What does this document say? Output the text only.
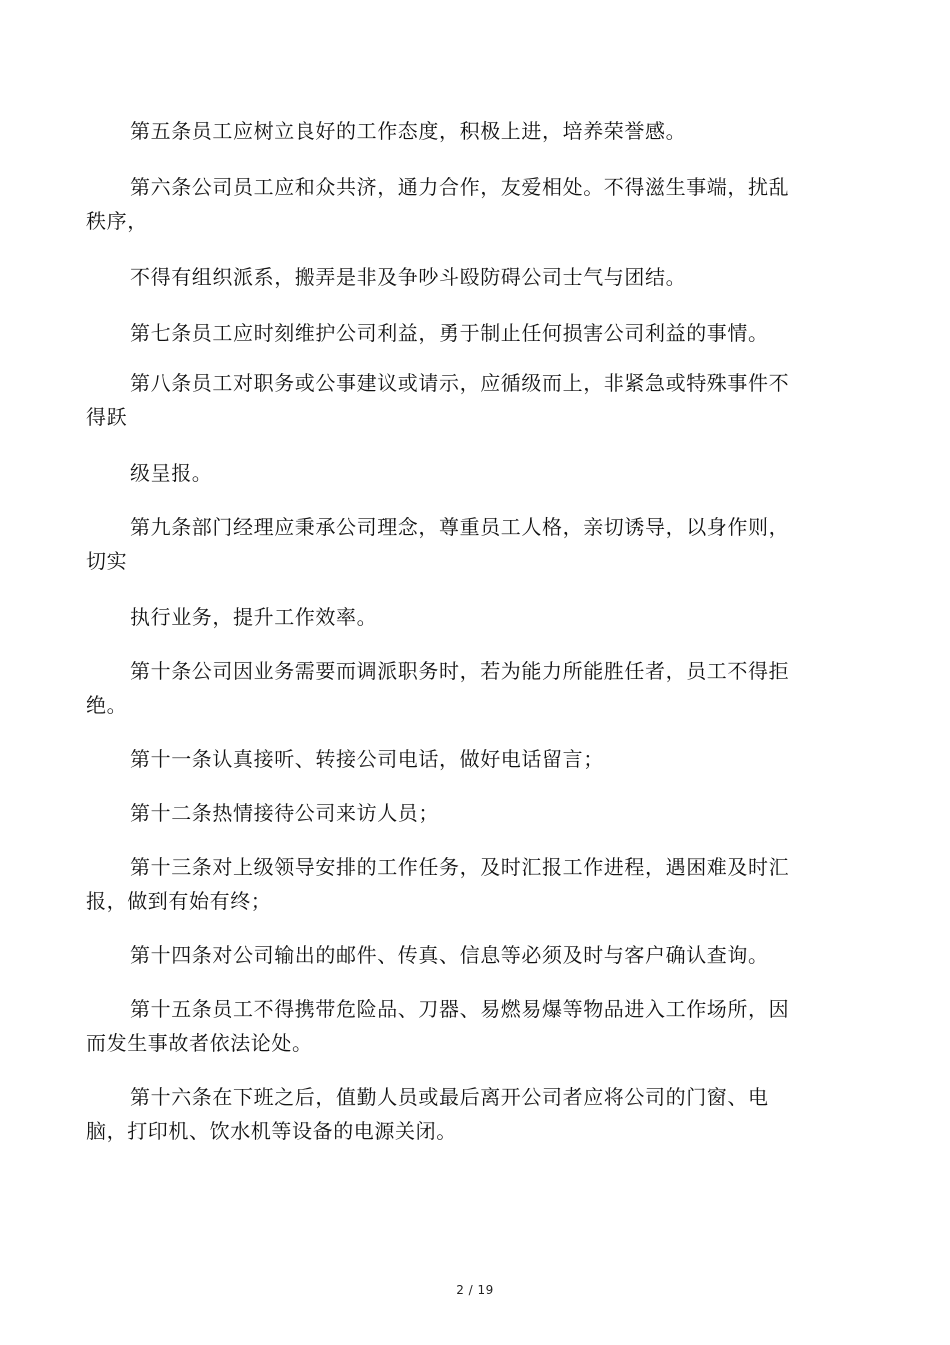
第五条员工应树立良好的工作态度，积极上进，培养荣誉感。
第六条公司员工应和众共济，通力合作，友爱相处。不得滋生事端，扰乱
秩序，
不得有组织派系，搬弄是非及争吵斗殴防碍公司士气与团结。
第七条员工应时刻维护公司利益，勇于制止任何损害公司利益的事情。
第八条员工对职务或公事建议或请示，应循级而上，非紧急或特殊事件不
得跃
级呈报。
第九条部门经理应秉承公司理念，尊重员工人格，亲切诱导，以身作则，
切实
执行业务，提升工作效率。
第十条公司因业务需要而调派职务时，若为能力所能胜任者，员工不得拒
绝。
第十一条认真接听、转接公司电话，做好电话留言；
第十二条热情接待公司来访人员；
第十三条对上级领导安排的工作任务，及时汇报工作进程，遇困难及时汇
报，做到有始有终；
第十四条对公司输出的邮件、传真、信息等必须及时与客户确认查询。
第十五条员工不得携带危险品、刀器、易燃易爆等物品进入工作场所，因
而发生事故者依法论处。
第十六条在下班之后，值勤人员或最后离开公司者应将公司的门窗、电
脑，打印机、饮水机等设备的电源关闭。
2 / 19
